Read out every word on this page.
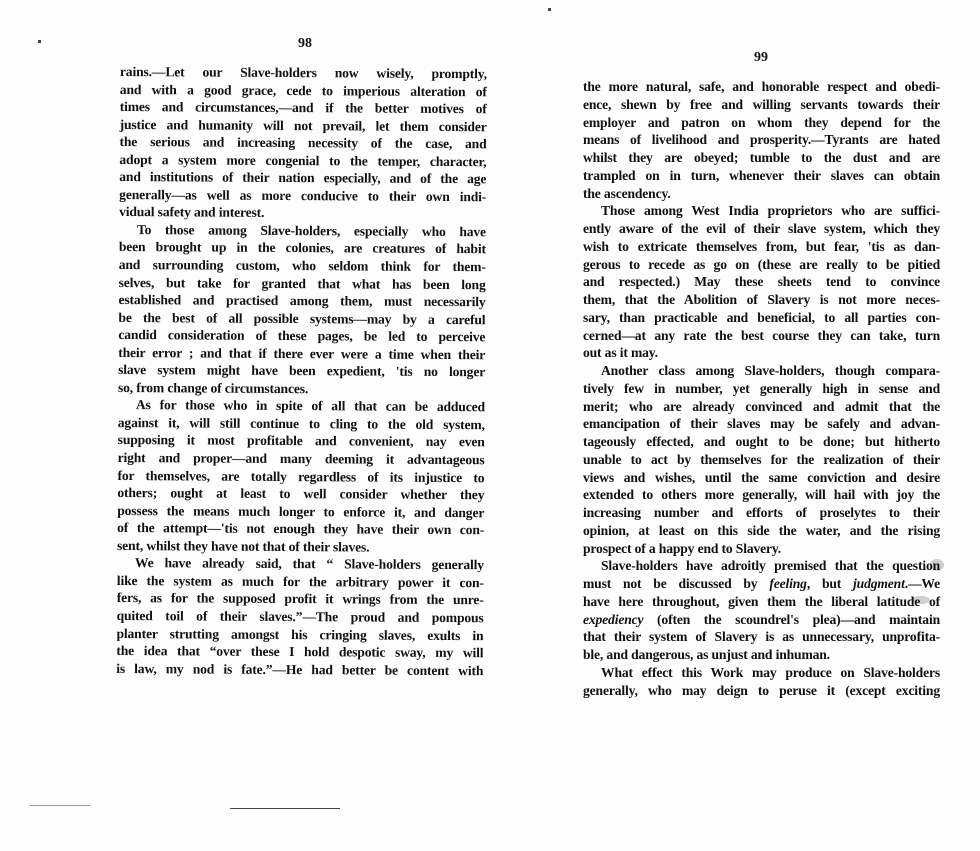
98
99
rains.—Let our Slave-holders now wisely, promptly,
and with a good grace, cede to imperious alteration of
times and circumstances,—and if the better motives of
justice and humanity will not prevail, let them consider
the serious and increasing necessity of the case, and
adopt a system more congenial to the temper, character,
and institutions of their nation especially, and of the age
generally—as well as more conducive to their own indi-
vidual safety and interest.
To those among Slave-holders, especially who have
been brought up in the colonies, are creatures of habit
and surrounding custom, who seldom think for them-
selves, but take for granted that what has been long
established and practised among them, must necessarily
be the best of all possible systems—may by a careful
candid consideration of these pages, be led to perceive
their error ; and that if there ever were a time when their
slave system might have been expedient, 'tis no longer
so, from change of circumstances.
As for those who in spite of all that can be adduced
against it, will still continue to cling to the old system,
supposing it most profitable and convenient, nay even
right and proper—and many deeming it advantageous
for themselves, are totally regardless of its injustice to
others; ought at least to well consider whether they
possess the means much longer to enforce it, and danger
of the attempt—'tis not enough they have their own con-
sent, whilst they have not that of their slaves.
We have already said, that “ Slave-holders generally
like the system as much for the arbitrary power it con-
fers, as for the supposed profit it wrings from the unre-
quited toil of their slaves.”—The proud and pompous
planter strutting amongst his cringing slaves, exults in
the idea that “over these I hold despotic sway, my will
is law, my nod is fate.”—He had better be content with
the more natural, safe, and honorable respect and obedi-
ence, shewn by free and willing servants towards their
employer and patron on whom they depend for the
means of livelihood and prosperity.—Tyrants are hated
whilst they are obeyed; tumble to the dust and are
trampled on in turn, whenever their slaves can obtain
the ascendency.
Those among West India proprietors who are suffici-
ently aware of the evil of their slave system, which they
wish to extricate themselves from, but fear, 'tis as dan-
gerous to recede as go on (these are really to be pitied
and respected.) May these sheets tend to convince
them, that the Abolition of Slavery is not more neces-
sary, than practicable and beneficial, to all parties con-
cerned—at any rate the best course they can take, turn
out as it may.
Another class among Slave-holders, though compara-
tively few in number, yet generally high in sense and
merit; who are already convinced and admit that the
emancipation of their slaves may be safely and advan-
tageously effected, and ought to be done; but hitherto
unable to act by themselves for the realization of their
views and wishes, until the same conviction and desire
extended to others more generally, will hail with joy the
increasing number and efforts of proselytes to their
opinion, at least on this side the water, and the rising
prospect of a happy end to Slavery.
Slave-holders have adroitly premised that the question
must not be discussed by feeling, but judgment.—We
have here throughout, given them the liberal latitude of
expediency (often the scoundrel's plea)—and maintain
that their system of Slavery is as unnecessary, unprofita-
ble, and dangerous, as unjust and inhuman.
What effect this Work may produce on Slave-holders
generally, who may deign to peruse it (except exciting
